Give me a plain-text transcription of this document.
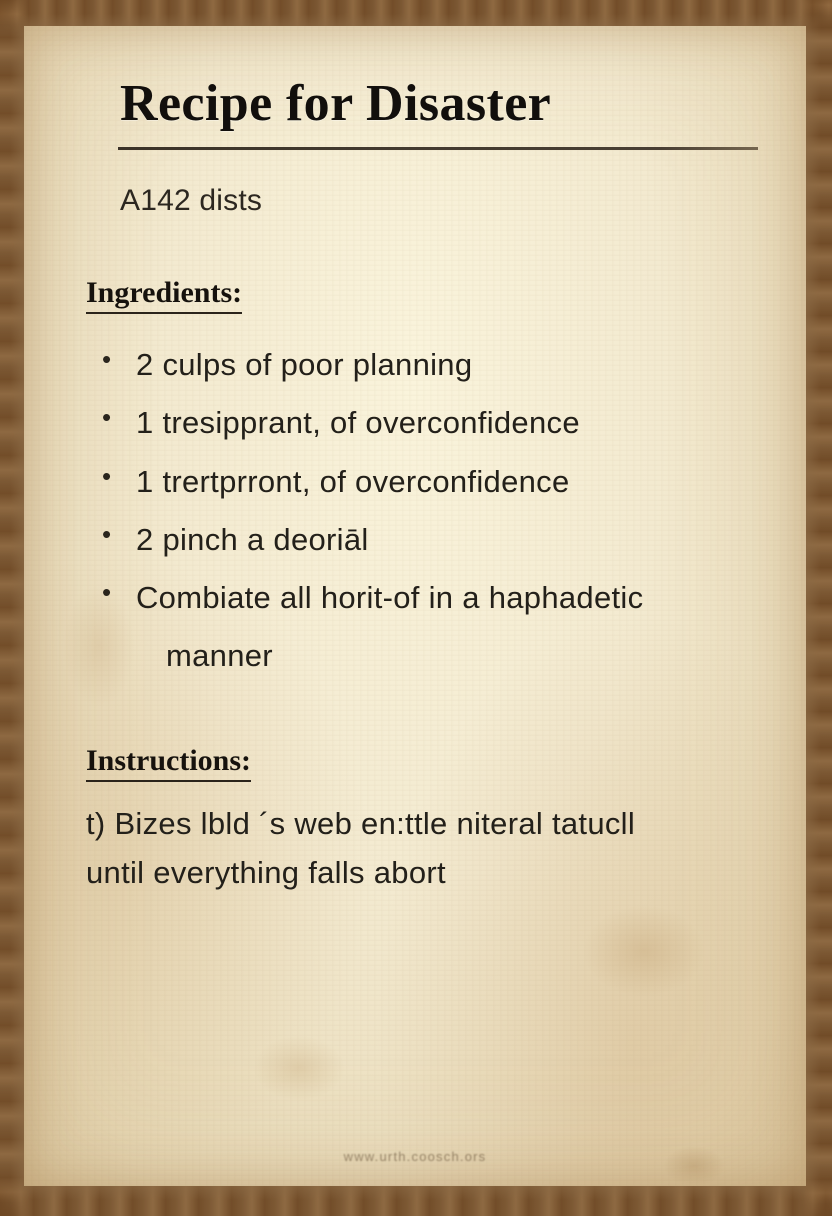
Recipe for Disaster
A142 dists
Ingredients:
• 2 culps of poor planning
• 1 tresipprant, of overconfidence
• 1 trertprront, of overconfidence
• 2 pinch a deoriāl
• Combiate all horit-of in a haphadetic
manner
Instructions:
t) Bizes lbld ´s web en:ttle niteral tatucll
until everything falls abort
www.urth.coosch.ors
